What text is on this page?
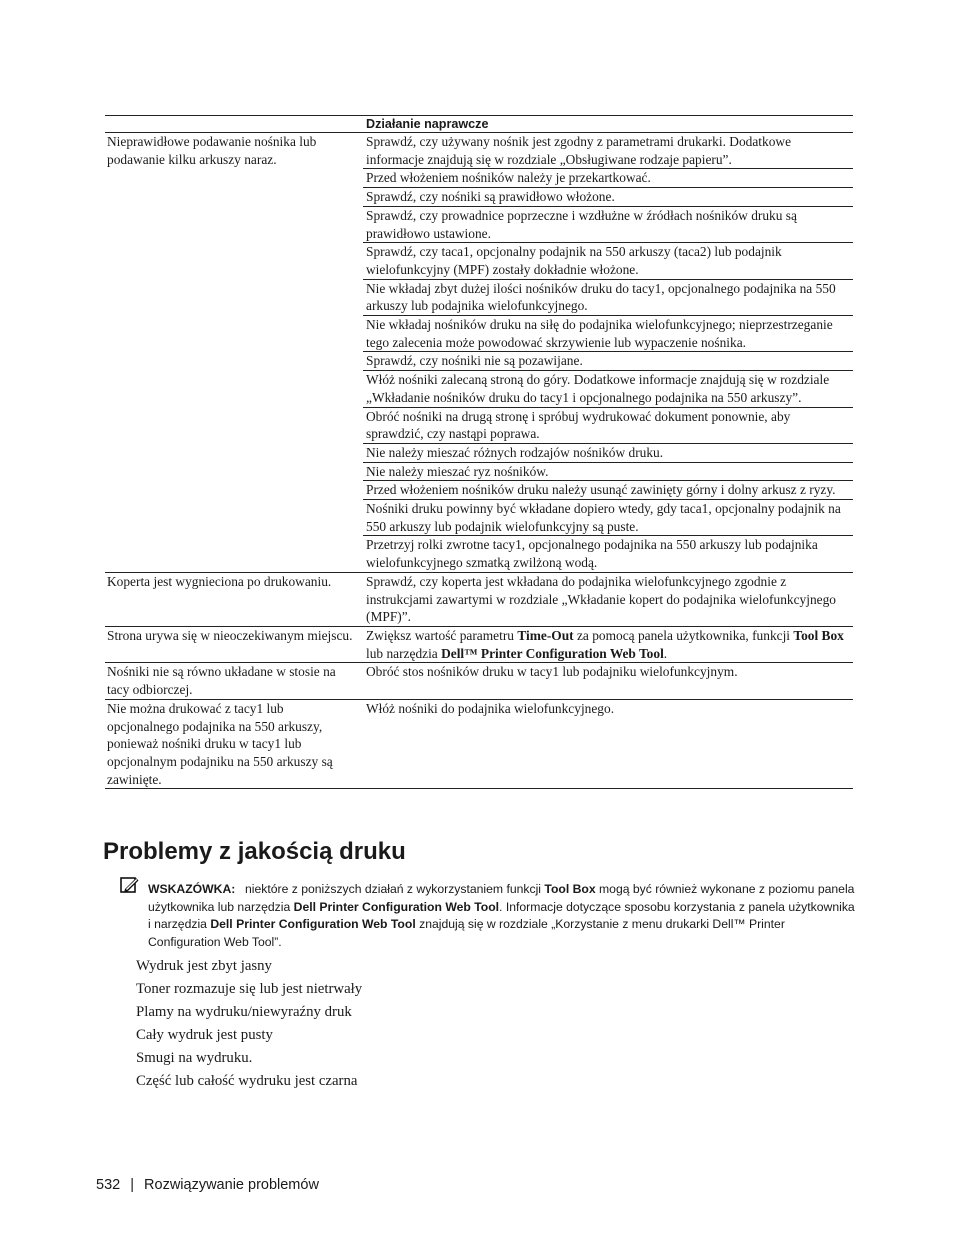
	Działanie naprawcze
Nieprawidłowe podawanie nośnika lub podawanie kilku arkuszy naraz.	Sprawdź, czy używany nośnik jest zgodny z parametrami drukarki. Dodatkowe informacje znajdują się w rozdziale „Obsługiwane rodzaje papieru”.
	Przed włożeniem nośników należy je przekartkować.
	Sprawdź, czy nośniki są prawidłowo włożone.
	Sprawdź, czy prowadnice poprzeczne i wzdłużne w źródłach nośników druku są prawidłowo ustawione.
	Sprawdź, czy taca1, opcjonalny podajnik na 550 arkuszy (taca2) lub podajnik wielofunkcyjny (MPF) zostały dokładnie włożone.
	Nie wkładaj zbyt dużej ilości nośników druku do tacy1, opcjonalnego podajnika na 550 arkuszy lub podajnika wielofunkcyjnego.
	Nie wkładaj nośników druku na siłę do podajnika wielofunkcyjnego; nieprzestrzeganie tego zalecenia może powodować skrzywienie lub wypaczenie nośnika.
	Sprawdź, czy nośniki nie są pozawijane.
	Włóż nośniki zalecaną stroną do góry. Dodatkowe informacje znajdują się w rozdziale „Wkładanie nośników druku do tacy1 i opcjonalnego podajnika na 550 arkuszy”.
	Obróć nośniki na drugą stronę i spróbuj wydrukować dokument ponownie, aby sprawdzić, czy nastąpi poprawa.
	Nie należy mieszać różnych rodzajów nośników druku.
	Nie należy mieszać ryz nośników.
	Przed włożeniem nośników druku należy usunąć zawinięty górny i dolny arkusz z ryzy.
	Nośniki druku powinny być wkładane dopiero wtedy, gdy taca1, opcjonalny podajnik na 550 arkuszy lub podajnik wielofunkcyjny są puste.
	Przetrzyj rolki zwrotne tacy1, opcjonalnego podajnika na 550 arkuszy lub podajnika wielofunkcyjnego szmatką zwilżoną wodą.
Koperta jest wygnieciona po drukowaniu.	Sprawdź, czy koperta jest wkładana do podajnika wielofunkcyjnego zgodnie z instrukcjami zawartymi w rozdziale „Wkładanie kopert do podajnika wielofunkcyjnego (MPF)”.
Strona urywa się w nieoczekiwanym miejscu.	Zwiększ wartość parametru Time-Out za pomocą panela użytkownika, funkcji Tool Box lub narzędzia Dell™ Printer Configuration Web Tool.
Nośniki nie są równo układane w stosie na tacy odbiorczej.	Obróć stos nośników druku w tacy1 lub podajniku wielofunkcyjnym.
Nie można drukować z tacy1 lub opcjonalnego podajnika na 550 arkuszy, ponieważ nośniki druku w tacy1 lub opcjonalnym podajniku na 550 arkuszy są zawinięte.	Włóż nośniki do podajnika wielofunkcyjnego.
Problemy z jakością druku
WSKAZÓWKA: niektóre z poniższych działań z wykorzystaniem funkcji Tool Box mogą być również wykonane z poziomu panela użytkownika lub narzędzia Dell Printer Configuration Web Tool. Informacje dotyczące sposobu korzystania z panela użytkownika i narzędzia Dell Printer Configuration Web Tool znajdują się w rozdziale „Korzystanie z menu drukarki Dell™ Printer Configuration Web Tool”.
Wydruk jest zbyt jasny
Toner rozmazuje się lub jest nietrwały
Plamy na wydruku/niewyraźny druk
Cały wydruk jest pusty
Smugi na wydruku.
Część lub całość wydruku jest czarna
532 | Rozwiązywanie problemów
